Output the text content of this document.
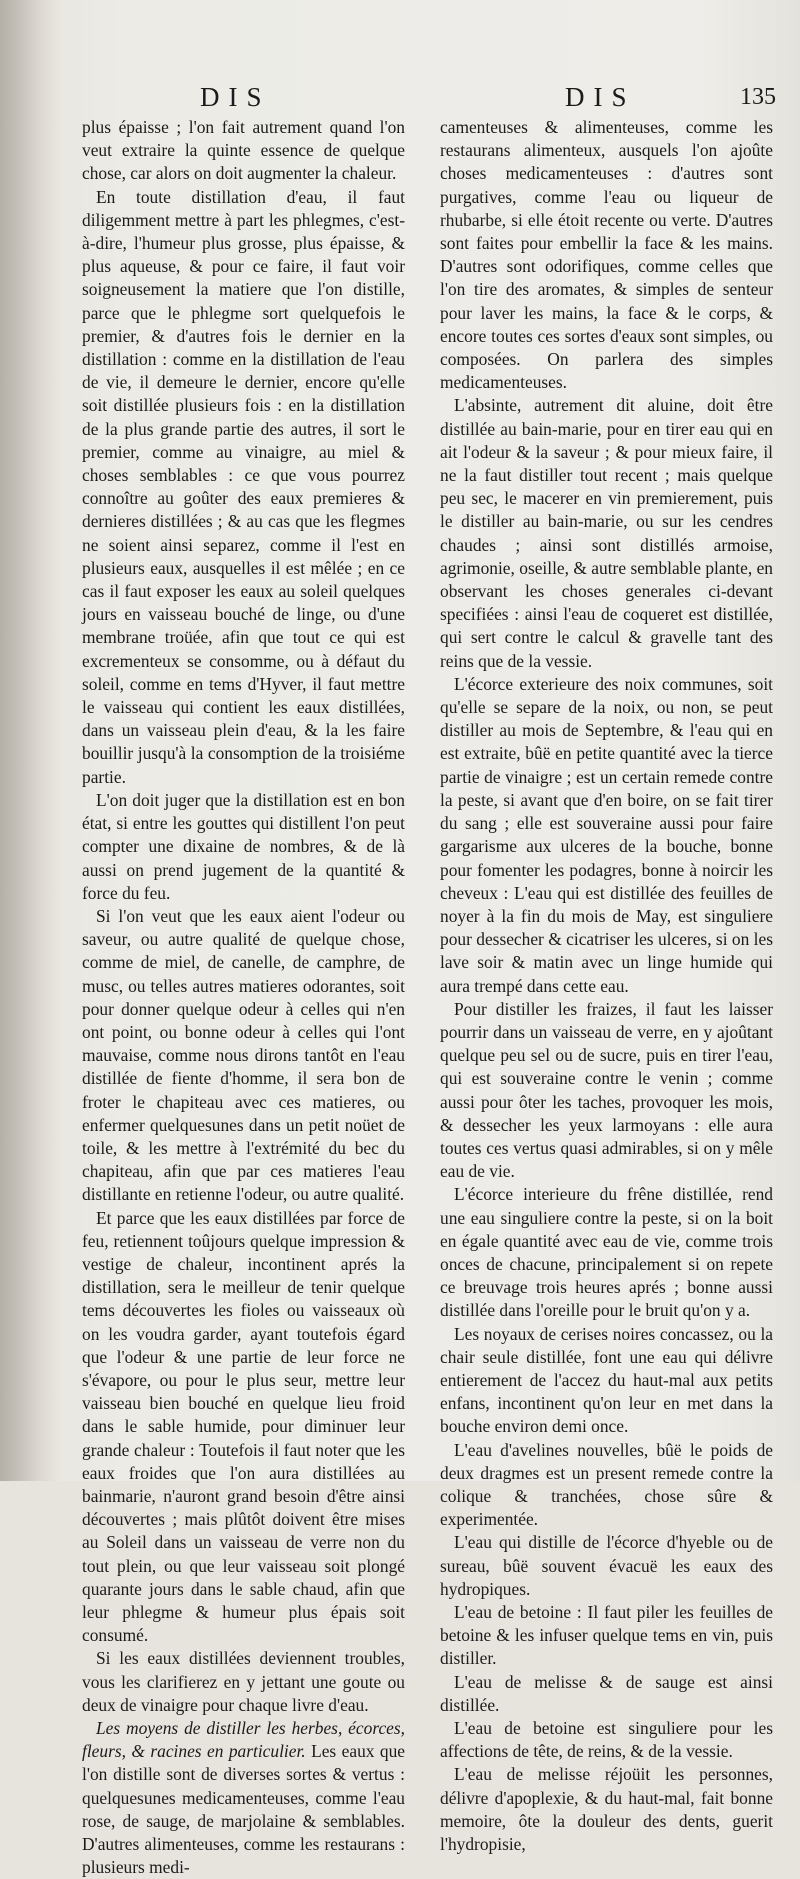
DIS	DIS	135

plus épaisse ; l'on fait autrement quand l'on veut extraire la quinte essence de quelque chose, car alors on doit augmenter la chaleur.

En toute distillation d'eau, il faut diligemment mettre à part les phlegmes, c'est-à-dire, l'humeur plus grosse, plus épaisse, & plus aqueuse, & pour ce faire, il faut voir soigneusement la matiere que l'on distille, parce que le phlegme sort quelquefois le premier, & d'autres fois le dernier en la distillation : comme en la distillation de l'eau de vie, il demeure le dernier, encore qu'elle soit distillée plusieurs fois : en la distillation de la plus grande partie des autres, il sort le premier, comme au vinaigre, au miel & choses semblables : ce que vous pourrez connoître au goûter des eaux premieres & dernieres distillées ; & au cas que les flegmes ne soient ainsi separez, comme il l'est en plusieurs eaux, ausquelles il est mêlée ; en ce cas il faut exposer les eaux au soleil quelques jours en vaisseau bouché de linge, ou d'une membrane troüée, afin que tout ce qui est excrementeux se consomme, ou à défaut du soleil, comme en tems d'Hyver, il faut mettre le vaisseau qui contient les eaux distillées, dans un vaisseau plein d'eau, & la les faire bouillir jusqu'à la consomption de la troisiéme partie.

L'on doit juger que la distillation est en bon état, si entre les gouttes qui distillent l'on peut compter une dixaine de nombres, & de là aussi on prend jugement de la quantité & force du feu.

Si l'on veut que les eaux aient l'odeur ou saveur, ou autre qualité de quelque chose, comme de miel, de canelle, de camphre, de musc, ou telles autres matieres odorantes, soit pour donner quelque odeur à celles qui n'en ont point, ou bonne odeur à celles qui l'ont mauvaise, comme nous dirons tantôt en l'eau distillée de fiente d'homme, il sera bon de froter le chapiteau avec ces matieres, ou enfermer quelquesunes dans un petit noüet de toile, & les mettre à l'extrémité du bec du chapiteau, afin que par ces matieres l'eau distillante en retienne l'odeur, ou autre qualité.

Et parce que les eaux distillées par force de feu, retiennent toûjours quelque impression & vestige de chaleur, incontinent aprés la distillation, sera le meilleur de tenir quelque tems découvertes les fioles ou vaisseaux où on les voudra garder, ayant toutefois égard que l'odeur & une partie de leur force ne s'évapore, ou pour le plus seur, mettre leur vaisseau bien bouché en quelque lieu froid dans le sable humide, pour diminuer leur grande chaleur : Toutefois il faut noter que les eaux froides que l'on aura distillées au bainmarie, n'auront grand besoin d'être ainsi découvertes ; mais plûtôt doivent être mises au Soleil dans un vaisseau de verre non du tout plein, ou que leur vaisseau soit plongé quarante jours dans le sable chaud, afin que leur phlegme & humeur plus épais soit consumé.

Si les eaux distillées deviennent troubles, vous les clarifierez en y jettant une goute ou deux de vinaigre pour chaque livre d'eau.

Les moyens de distiller les herbes, écorces, fleurs, & racines en particulier. Les eaux que l'on distille sont de diverses sortes & vertus : quelquesunes medicamenteuses, comme l'eau rose, de sauge, de marjolaine & semblables. D'autres alimenteuses, comme les restaurans : plusieurs medi-

camenteuses & alimenteuses, comme les restaurans alimenteux, ausquels l'on ajoûte choses medicamenteuses : d'autres sont purgatives, comme l'eau ou liqueur de rhubarbe, si elle étoit recente ou verte. D'autres sont faites pour embellir la face & les mains. D'autres sont odorifiques, comme celles que l'on tire des aromates, & simples de senteur pour laver les mains, la face & le corps, & encore toutes ces sortes d'eaux sont simples, ou composées. On parlera des simples medicamenteuses.

L'absinte, autrement dit aluine, doit être distillée au bain-marie, pour en tirer eau qui en ait l'odeur & la saveur ; & pour mieux faire, il ne la faut distiller tout recent ; mais quelque peu sec, le macerer en vin premierement, puis le distiller au bain-marie, ou sur les cendres chaudes ; ainsi sont distillés armoise, agrimonie, oseille, & autre semblable plante, en observant les choses generales ci-devant specifiées : ainsi l'eau de coqueret est distillée, qui sert contre le calcul & gravelle tant des reins que de la vessie.

L'écorce exterieure des noix communes, soit qu'elle se separe de la noix, ou non, se peut distiller au mois de Septembre, & l'eau qui en est extraite, bûë en petite quantité avec la tierce partie de vinaigre ; est un certain remede contre la peste, si avant que d'en boire, on se fait tirer du sang ; elle est souveraine aussi pour faire gargarisme aux ulceres de la bouche, bonne pour fomenter les podagres, bonne à noircir les cheveux : L'eau qui est distillée des feuilles de noyer à la fin du mois de May, est singuliere pour dessecher & cicatriser les ulceres, si on les lave soir & matin avec un linge humide qui aura trempé dans cette eau.

Pour distiller les fraizes, il faut les laisser pourrir dans un vaisseau de verre, en y ajoûtant quelque peu sel ou de sucre, puis en tirer l'eau, qui est souveraine contre le venin ; comme aussi pour ôter les taches, provoquer les mois, & dessecher les yeux larmoyans : elle aura toutes ces vertus quasi admirables, si on y mêle eau de vie.

L'écorce interieure du frêne distillée, rend une eau singuliere contre la peste, si on la boit en égale quantité avec eau de vie, comme trois onces de chacune, principalement si on repete ce breuvage trois heures aprés ; bonne aussi distillée dans l'oreille pour le bruit qu'on y a.

Les noyaux de cerises noires concassez, ou la chair seule distillée, font une eau qui délivre entierement de l'accez du haut-mal aux petits enfans, incontinent qu'on leur en met dans la bouche environ demi once.

L'eau d'avelines nouvelles, bûë le poids de deux dragmes est un present remede contre la colique & tranchées, chose sûre & experimentée.

L'eau qui distille de l'écorce d'hyeble ou de sureau, bûë souvent évacuë les eaux des hydropiques.

L'eau de betoine : Il faut piler les feuilles de betoine & les infuser quelque tems en vin, puis distiller.

L'eau de melisse & de sauge est ainsi distillée.

L'eau de betoine est singuliere pour les affections de tête, de reins, & de la vessie.

L'eau de melisse réjoüit les personnes, délivre d'apoplexie, & du haut-mal, fait bonne memoire, ôte la douleur des dents, guerit l'hydropisie,
